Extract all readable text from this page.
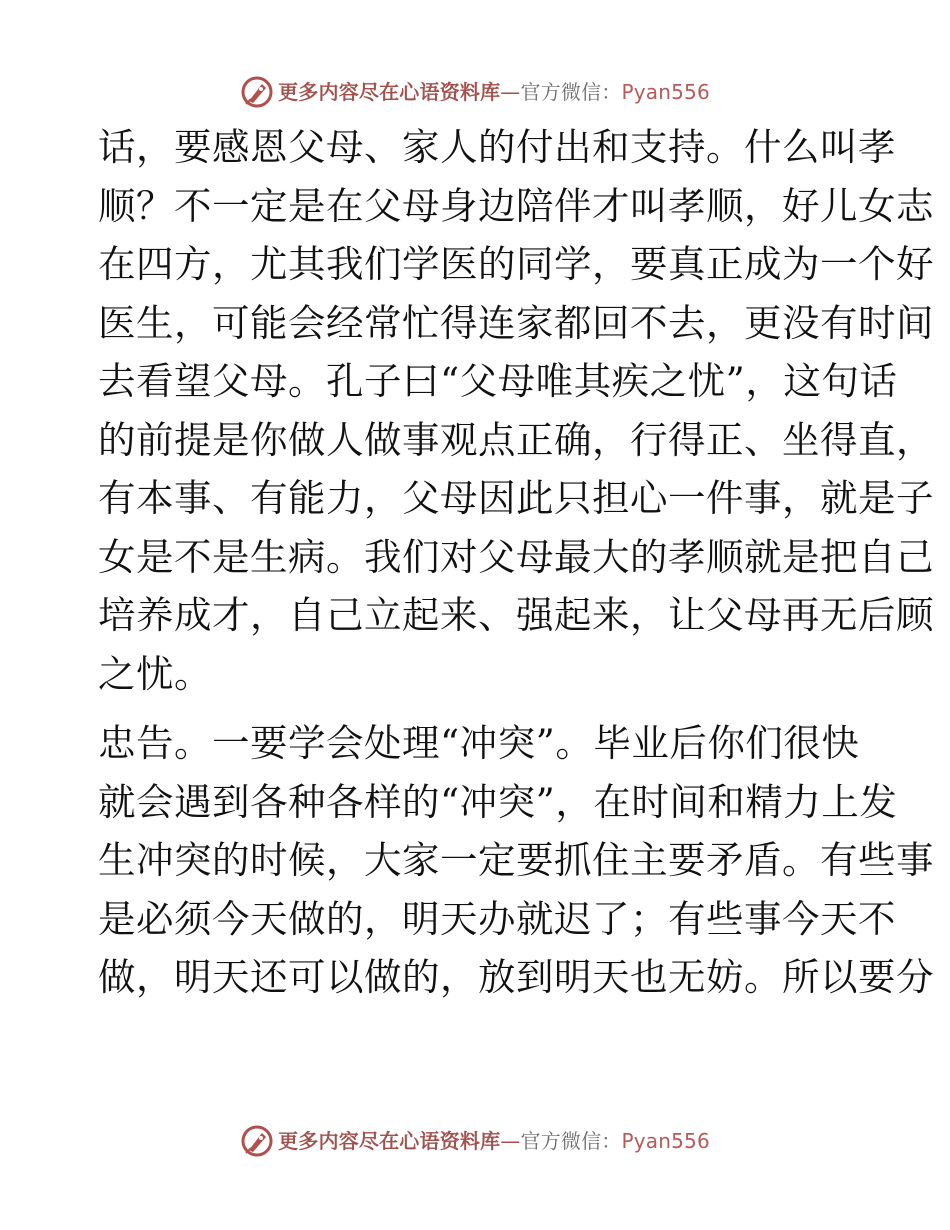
更多内容尽在心语资料库—官方微信：Pyan556
话，要感恩父母、家人的付出和支持。什么叫孝
顺？不一定是在父母身边陪伴才叫孝顺，好儿女志
在四方，尤其我们学医的同学，要真正成为一个好
医生，可能会经常忙得连家都回不去，更没有时间
去看望父母。孔子曰“父母唯其疾之忧”，这句话
的前提是你做人做事观点正确，行得正、坐得直，
有本事、有能力，父母因此只担心一件事，就是子
女是不是生病。我们对父母最大的孝顺就是把自己
培养成才，自己立起来、强起来，让父母再无后顾
之忧。
忠告。一要学会处理“冲突”。毕业后你们很快
就会遇到各种各样的“冲突”，在时间和精力上发
生冲突的时候，大家一定要抓住主要矛盾。有些事
是必须今天做的，明天办就迟了；有些事今天不
做，明天还可以做的，放到明天也无妨。所以要分
更多内容尽在心语资料库—官方微信：Pyan556
